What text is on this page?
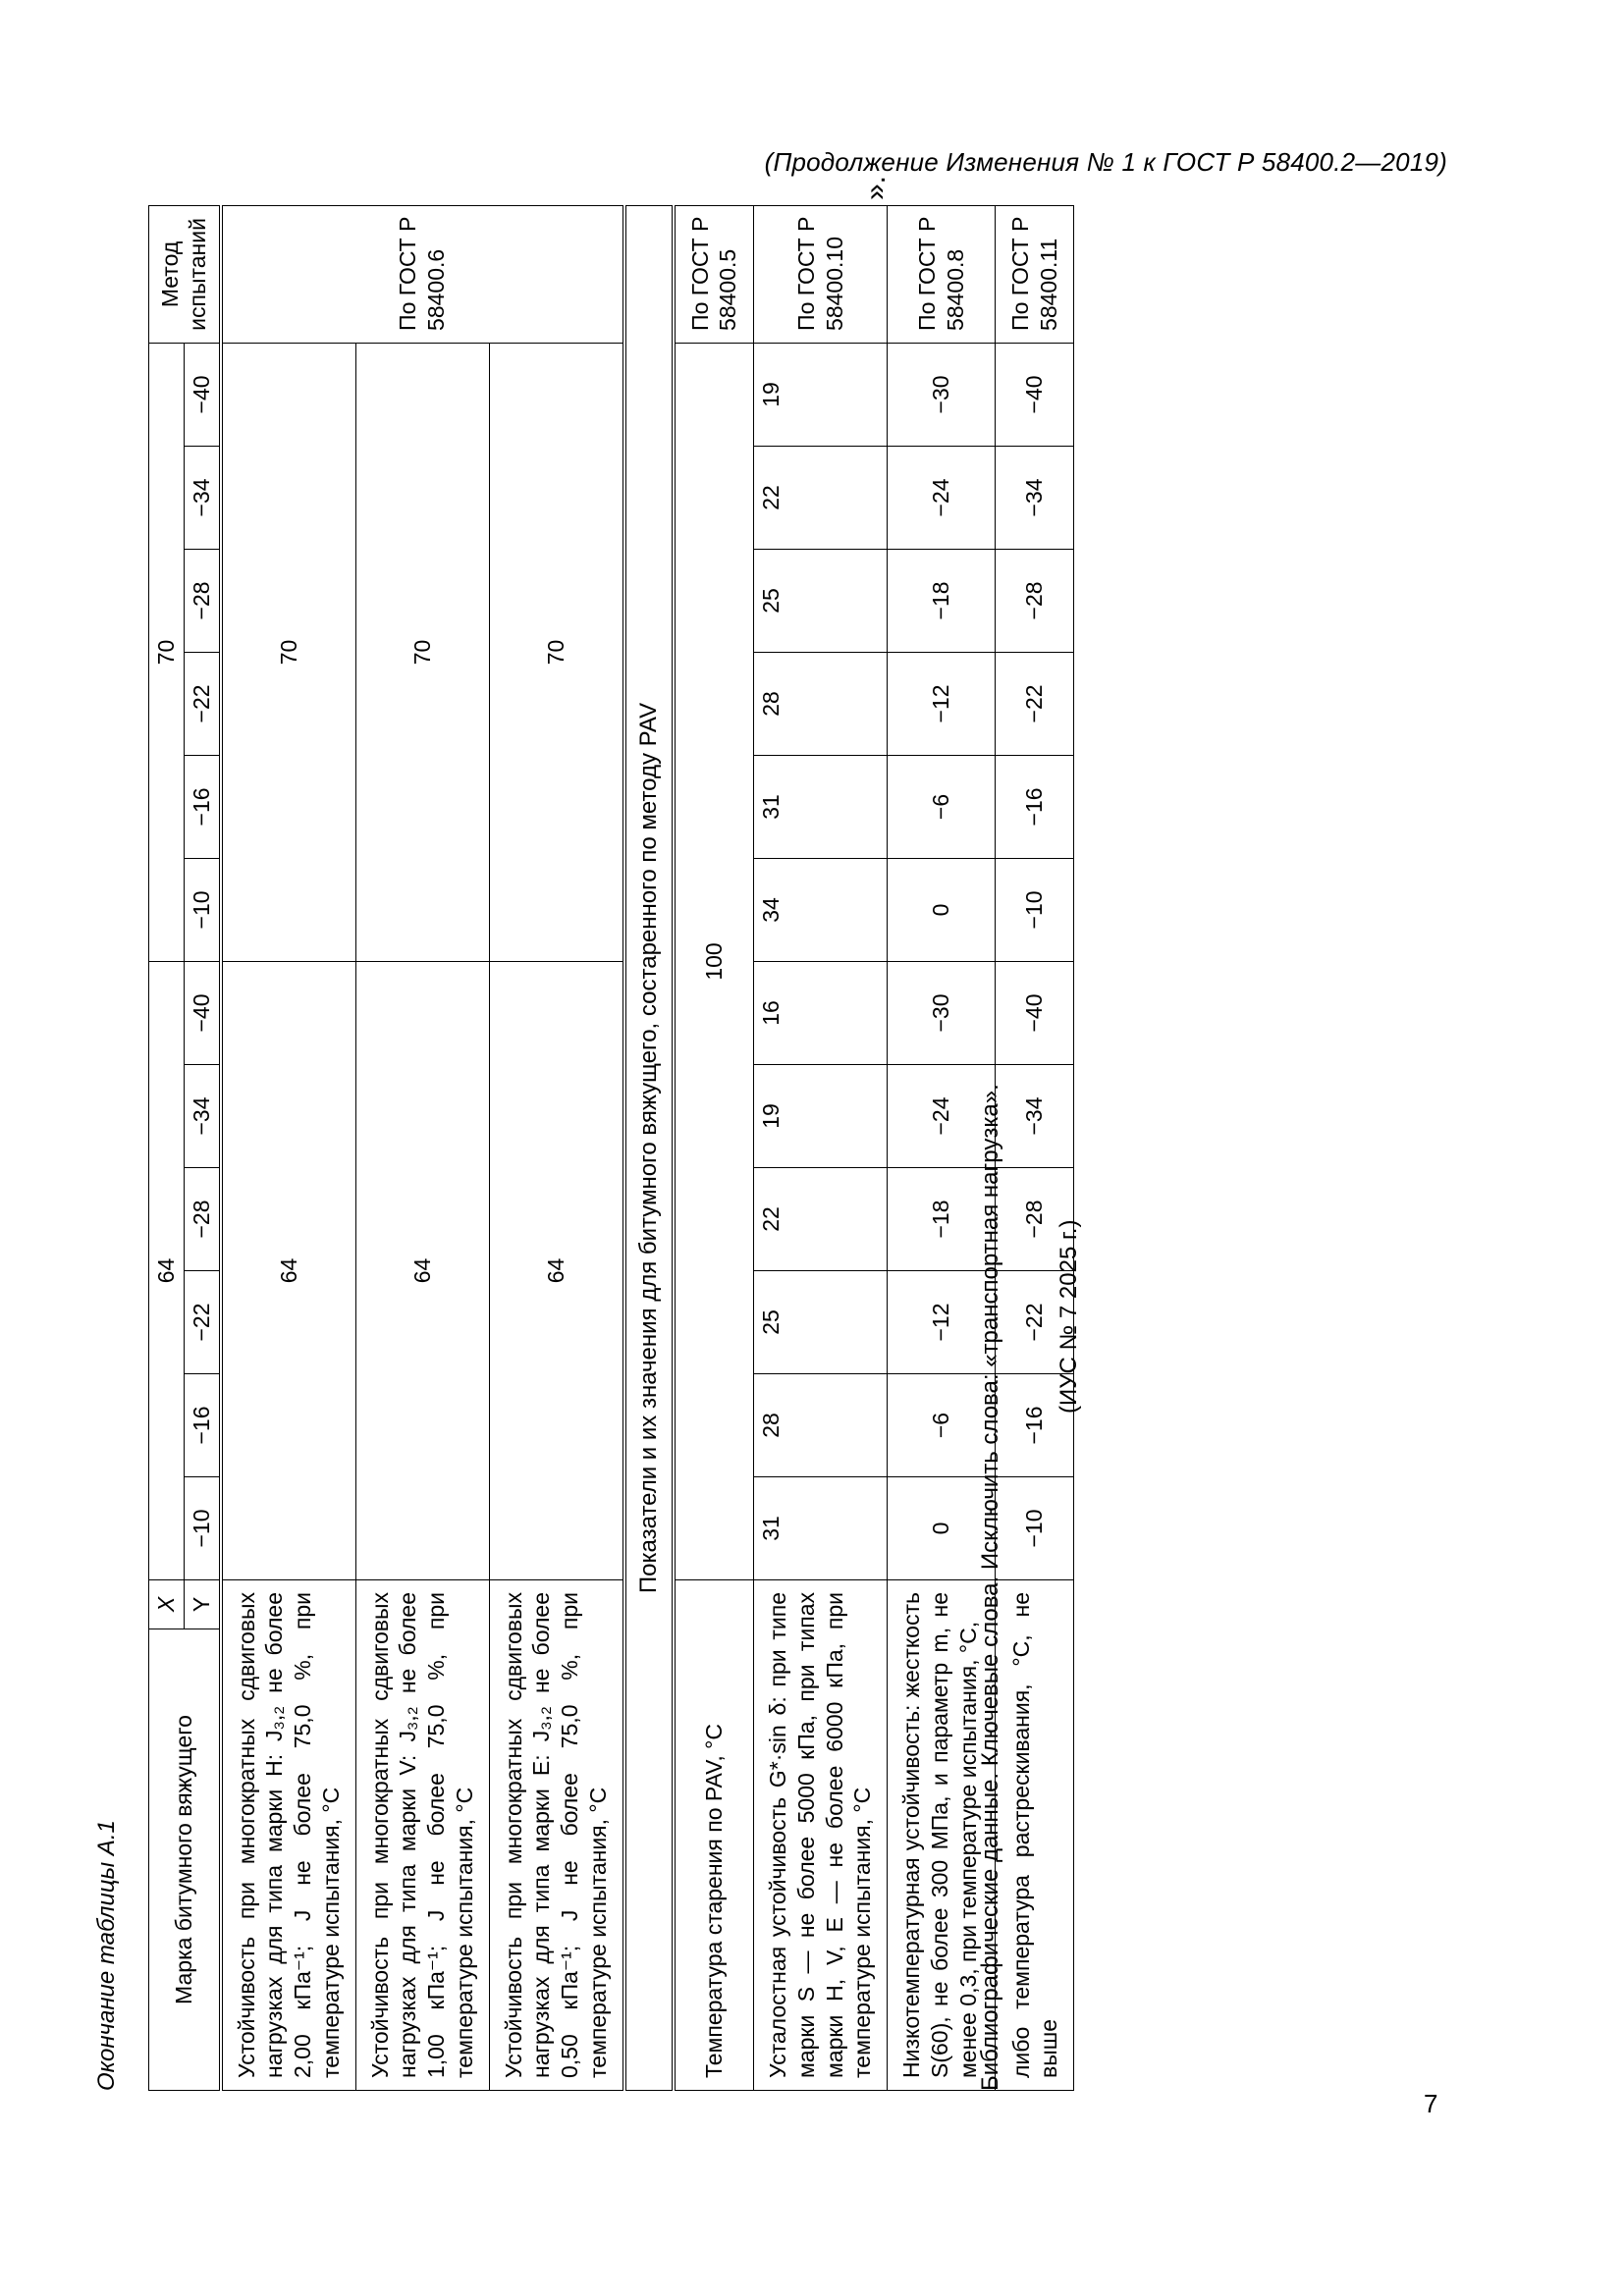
(Продолжение Изменения № 1 к ГОСТ Р 58400.2—2019)
Окончание таблицы А.1 Марка битумного вяжущего	X	64						70						Метод испытаний
	Y	−10	−16	−22	−28	−34	−40	−10	−16	−22	−28	−34	−40	
Устойчивость при многократных сдвиговых нагрузках для типа марки H: J₃,₂ не более 2,00 кПа⁻¹; J не более 75,0 %, при температуре испытания, °C		64						70						По ГОСТ Р 58400.6
Устойчивость при многократных сдвиговых нагрузках для типа марки V: J₃,₂ не более 1,00 кПа⁻¹; J не более 75,0 %, при температуре испытания, °C		64						70						
Устойчивость при многократных сдвиговых нагрузках для типа марки E: J₃,₂ не более 0,50 кПа⁻¹; J не более 75,0 %, при температуре испытания, °C		64						70						
Показатели и их значения для битумного вяжущего, состаренного по методу PAV														
Температура старения по PAV, °C		100												По ГОСТ Р 58400.5
Усталостная устойчивость G*·sin δ: при типе марки S — не более 5000 кПа, при типах марки H, V, E — не более 6000 кПа, при температуре испытания, °C		31	28	25	22	19	16	34	31	28	25	22	19	По ГОСТ Р 58400.10
Низкотемпературная устойчивость: жесткость S(60), не более 300 МПа, и параметр m, не менее 0,3, при температуре испытания, °C,		0	−6	−12	−18	−24	−30	0	−6	−12	−18	−24	−30	По ГОСТ Р 58400.8
либо температура растрескивания, °C, не выше		−10	−16	−22	−28	−34	−40	−10	−16	−22	−28	−34	−40	По ГОСТ Р 58400.11
».
Библиографические данные. Ключевые слова. Исключить слова: «транспортная нагрузка». (ИУС № 7 2025 г.)
7
